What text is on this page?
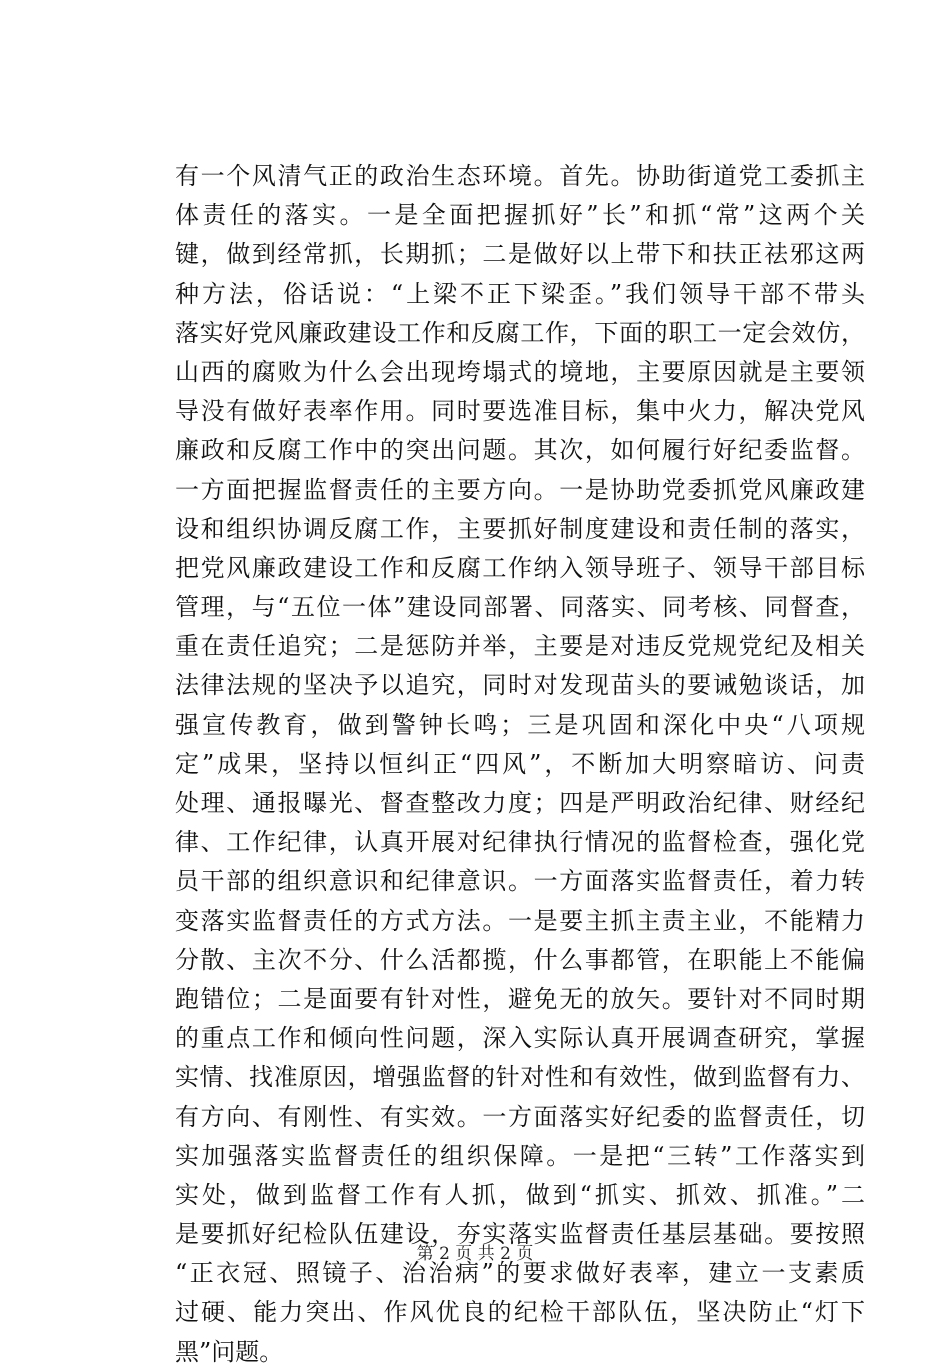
有一个风清气正的政治生态环境。首先。协助街道党工委抓主
体责任的落实。一是全面把握抓好”长”和抓“常”这两个关
键，做到经常抓，长期抓；二是做好以上带下和扶正祛邪这两
种方法，俗话说：“上梁不正下梁歪。”我们领导干部不带头
落实好党风廉政建设工作和反腐工作，下面的职工一定会效仿，
山西的腐败为什么会出现垮塌式的境地，主要原因就是主要领
导没有做好表率作用。同时要选准目标，集中火力，解决党风
廉政和反腐工作中的突出问题。其次，如何履行好纪委监督。
一方面把握监督责任的主要方向。一是协助党委抓党风廉政建
设和组织协调反腐工作，主要抓好制度建设和责任制的落实，
把党风廉政建设工作和反腐工作纳入领导班子、领导干部目标
管理，与“五位一体”建设同部署、同落实、同考核、同督查，
重在责任追究；二是惩防并举，主要是对违反党规党纪及相关
法律法规的坚决予以追究，同时对发现苗头的要诫勉谈话，加
强宣传教育，做到警钟长鸣；三是巩固和深化中央“八项规
定”成果，坚持以恒纠正“四风”，不断加大明察暗访、问责
处理、通报曝光、督查整改力度；四是严明政治纪律、财经纪
律、工作纪律，认真开展对纪律执行情况的监督检查，强化党
员干部的组织意识和纪律意识。一方面落实监督责任，着力转
变落实监督责任的方式方法。一是要主抓主责主业，不能精力
分散、主次不分、什么活都揽，什么事都管，在职能上不能偏
跑错位；二是面要有针对性，避免无的放矢。要针对不同时期
的重点工作和倾向性问题，深入实际认真开展调查研究，掌握
实情、找准原因，增强监督的针对性和有效性，做到监督有力、
有方向、有刚性、有实效。一方面落实好纪委的监督责任，切
实加强落实监督责任的组织保障。一是把“三转”工作落实到
实处，做到监督工作有人抓，做到“抓实、抓效、抓准。”二
是要抓好纪检队伍建设，夯实落实监督责任基层基础。要按照
“正衣冠、照镜子、治治病”的要求做好表率，建立一支素质
过硬、能力突出、作风优良的纪检干部队伍，坚决防止“灯下
黑”问题。
第 2 页 共 2 页
